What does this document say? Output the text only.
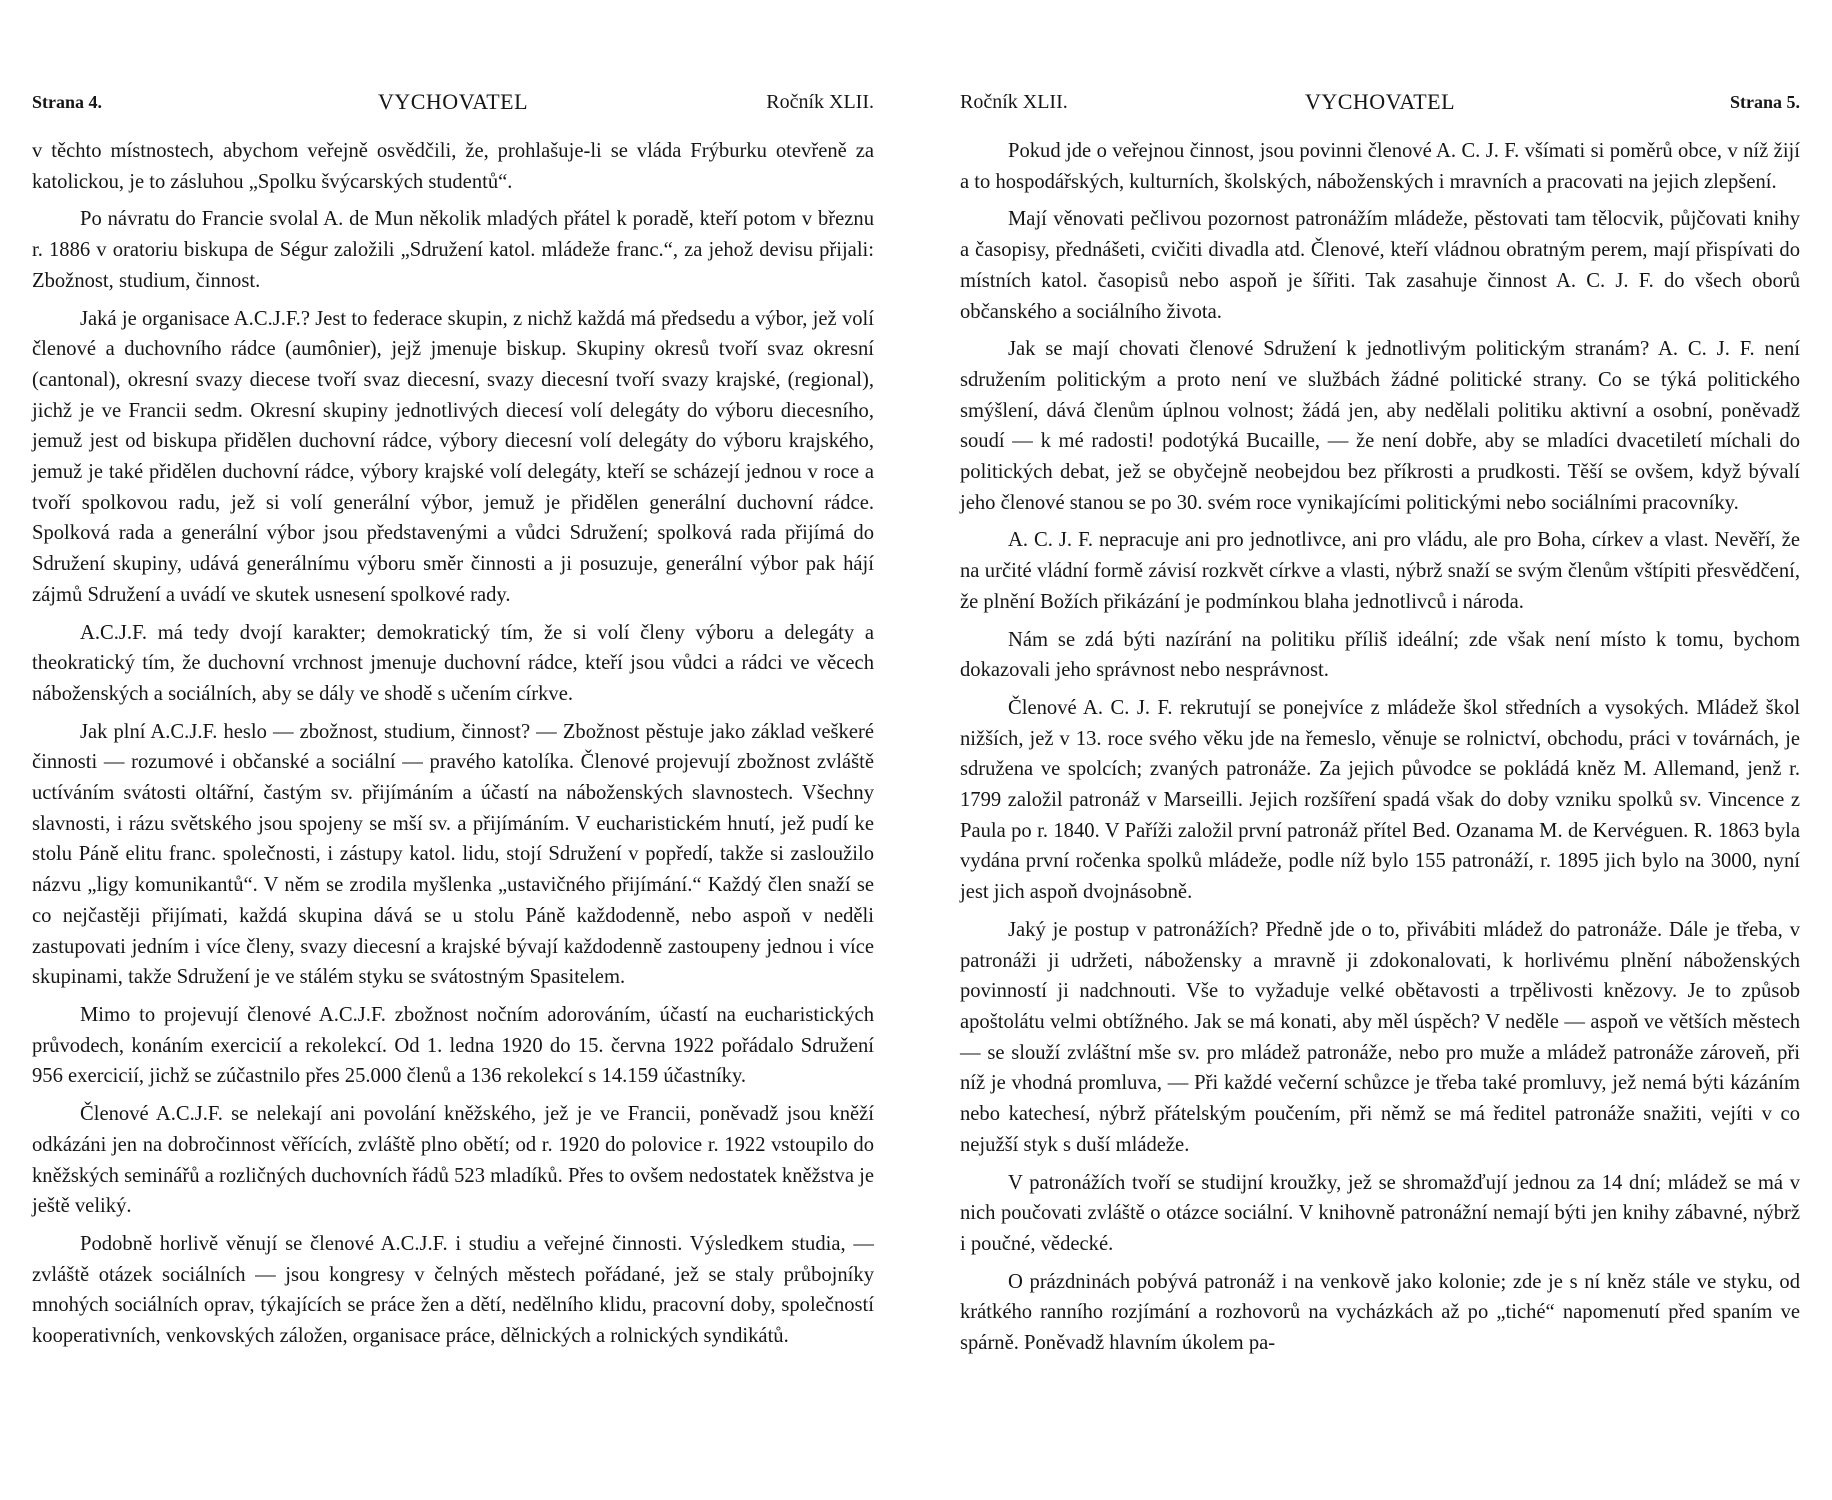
Strana 4.	VYCHOVATEL	Ročník XLII.

v těchto místnostech, abychom veřejně osvědčili, že, prohlašuje-li se vláda Frýburku otevřeně za katolickou, je to zásluhou „Spolku švýcarských studentů“.

Po návratu do Francie svolal A. de Mun několik mladých přátel k poradě, kteří potom v březnu r. 1886 v oratoriu biskupa de Ségur založili „Sdružení katol. mládeže franc.“, za jehož devisu přijali: Zbožnost, studium, činnost.

Jaká je organisace A.C.J.F.? Jest to federace skupin, z nichž každá má předsedu a výbor, jež volí členové a duchovního rádce (aumônier), jejž jmenuje biskup. Skupiny okresů tvoří svaz okresní (cantonal), okresní svazy diecese tvoří svaz diecesní, svazy diecesní tvoří svazy krajské, (regional), jichž je ve Francii sedm. Okresní skupiny jednotlivých diecesí volí delegáty do výboru diecesního, jemuž jest od biskupa přidělen duchovní rádce, výbory diecesní volí delegáty do výboru krajského, jemuž je také přidělen duchovní rádce, výbory krajské volí delegáty, kteří se scházejí jednou v roce a tvoří spolkovou radu, jež si volí generální výbor, jemuž je přidělen generální duchovní rádce. Spolková rada a generální výbor jsou představenými a vůdci Sdružení; spolková rada přijímá do Sdružení skupiny, udává generálnímu výboru směr činnosti a ji posuzuje, generální výbor pak hájí zájmů Sdružení a uvádí ve skutek usnesení spolkové rady.

A.C.J.F. má tedy dvojí karakter; demokratický tím, že si volí členy výboru a delegáty a theokratický tím, že duchovní vrchnost jmenuje duchovní rádce, kteří jsou vůdci a rádci ve věcech náboženských a sociálních, aby se dály ve shodě s učením církve.

Jak plní A.C.J.F. heslo — zbožnost, studium, činnost? — Zbožnost pěstuje jako základ veškeré činnosti — rozumové i občanské a sociální — pravého katolíka. Členové projevují zbožnost zvláště uctíváním svátosti oltářní, častým sv. přijímáním a účastí na náboženských slavnostech. Všechny slavnosti, i rázu světského jsou spojeny se mší sv. a přijímáním. V eucharistickém hnutí, jež pudí ke stolu Páně elitu franc. společnosti, i zástupy katol. lidu, stojí Sdružení v popředí, takže si zasloužilo názvu „ligy komunikantů“. V něm se zrodila myšlenka „ustavičného přijímání.“ Každý člen snaží se co nejčastěji přijímati, každá skupina dává se u stolu Páně každodenně, nebo aspoň v neděli zastupovati jedním i více členy, svazy diecesní a krajské bývají každodenně zastoupeny jednou i více skupinami, takže Sdružení je ve stálém styku se svátostným Spasitelem.

Mimo to projevují členové A.C.J.F. zbožnost nočním adorováním, účastí na eucharistických průvodech, konáním exercicií a rekolekcí. Od 1. ledna 1920 do 15. června 1922 pořádalo Sdružení 956 exercicií, jichž se zúčastnilo přes 25.000 členů a 136 rekolekcí s 14.159 účastníky.

Členové A.C.J.F. se nelekají ani povolání kněžského, jež je ve Francii, poněvadž jsou kněží odkázáni jen na dobročinnost věřících, zvláště plno obětí; od r. 1920 do polovice r. 1922 vstoupilo do kněžských seminářů a rozličných duchovních řádů 523 mladíků. Přes to ovšem nedostatek kněžstva je ještě veliký.

Podobně horlivě věnují se členové A.C.J.F. i studiu a veřejné činnosti. Výsledkem studia, — zvláště otázek sociálních — jsou kongresy v čelných městech pořádané, jež se staly průbojníky mnohých sociálních oprav, týkajících se práce žen a dětí, nedělního klidu, pracovní doby, společností kooperativních, venkovských záložen, organisace práce, dělnických a rolnických syndikátů.

Ročník XLII.	VYCHOVATEL	Strana 5.

Pokud jde o veřejnou činnost, jsou povinni členové A. C. J. F. všímati si poměrů obce, v níž žijí a to hospodářských, kulturních, školských, náboženských i mravních a pracovati na jejich zlepšení.

Mají věnovati pečlivou pozornost patronážím mládeže, pěstovati tam tělocvik, půjčovati knihy a časopisy, přednášeti, cvičiti divadla atd. Členové, kteří vládnou obratným perem, mají přispívati do místních katol. časopisů nebo aspoň je šířiti. Tak zasahuje činnost A. C. J. F. do všech oborů občanského a sociálního života.

Jak se mají chovati členové Sdružení k jednotlivým politickým stranám? A. C. J. F. není sdružením politickým a proto není ve službách žádné politické strany. Co se týká politického smýšlení, dává členům úplnou volnost; žádá jen, aby nedělali politiku aktivní a osobní, poněvadž soudí — k mé radosti! podotýká Bucaille, — že není dobře, aby se mladíci dvacetiletí míchali do politických debat, jež se obyčejně neobejdou bez příkrosti a prudkosti. Těší se ovšem, když bývalí jeho členové stanou se po 30. svém roce vynikajícími politickými nebo sociálními pracovníky.

A. C. J. F. nepracuje ani pro jednotlivce, ani pro vládu, ale pro Boha, církev a vlast. Nevěří, že na určité vládní formě závisí rozkvět církve a vlasti, nýbrž snaží se svým členům vštípiti přesvědčení, že plnění Božích přikázání je podmínkou blaha jednotlivců i národa.

Nám se zdá býti nazírání na politiku příliš ideální; zde však není místo k tomu, bychom dokazovali jeho správnost nebo nesprávnost.

Členové A. C. J. F. rekrutují se ponejvíce z mládeže škol středních a vysokých. Mládež škol nižších, jež v 13. roce svého věku jde na řemeslo, věnuje se rolnictví, obchodu, práci v továrnách, je sdružena ve spolcích; zvaných patronáže. Za jejich původce se pokládá kněz M. Allemand, jenž r. 1799 založil patronáž v Marseilli. Jejich rozšíření spadá však do doby vzniku spolků sv. Vincence z Paula po r. 1840. V Paříži založil první patronáž přítel Bed. Ozanama M. de Kervéguen. R. 1863 byla vydána první ročenka spolků mládeže, podle níž bylo 155 patronáží, r. 1895 jich bylo na 3000, nyní jest jich aspoň dvojnásobně.

Jaký je postup v patronážích? Předně jde o to, přivábiti mládež do patronáže. Dále je třeba, v patronáži ji udržeti, nábožensky a mravně ji zdokonalovati, k horlivému plnění náboženských povinností ji nadchnouti. Vše to vyžaduje velké obětavosti a trpělivosti knězovy. Je to způsob apoštolátu velmi obtížného. Jak se má konati, aby měl úspěch? V neděle — aspoň ve větších městech — se slouží zvláštní mše sv. pro mládež patronáže, nebo pro muže a mládež patronáže zároveň, při níž je vhodná promluva, — Při každé večerní schůzce je třeba také promluvy, jež nemá býti kázáním nebo katechesí, nýbrž přátelským poučením, při němž se má ředitel patronáže snažiti, vejíti v co nejužší styk s duší mládeže.

V patronážích tvoří se studijní kroužky, jež se shromažďují jednou za 14 dní; mládež se má v nich poučovati zvláště o otázce sociální. V knihovně patronážní nemají býti jen knihy zábavné, nýbrž i poučné, vědecké.

O prázdninách pobývá patronáž i na venkově jako kolonie; zde je s ní kněz stále ve styku, od krátkého ranního rozjímání a rozhovorů na vycházkách až po „tiché“ napomenutí před spaním ve spárně. Poněvadž hlavním úkolem pa-
